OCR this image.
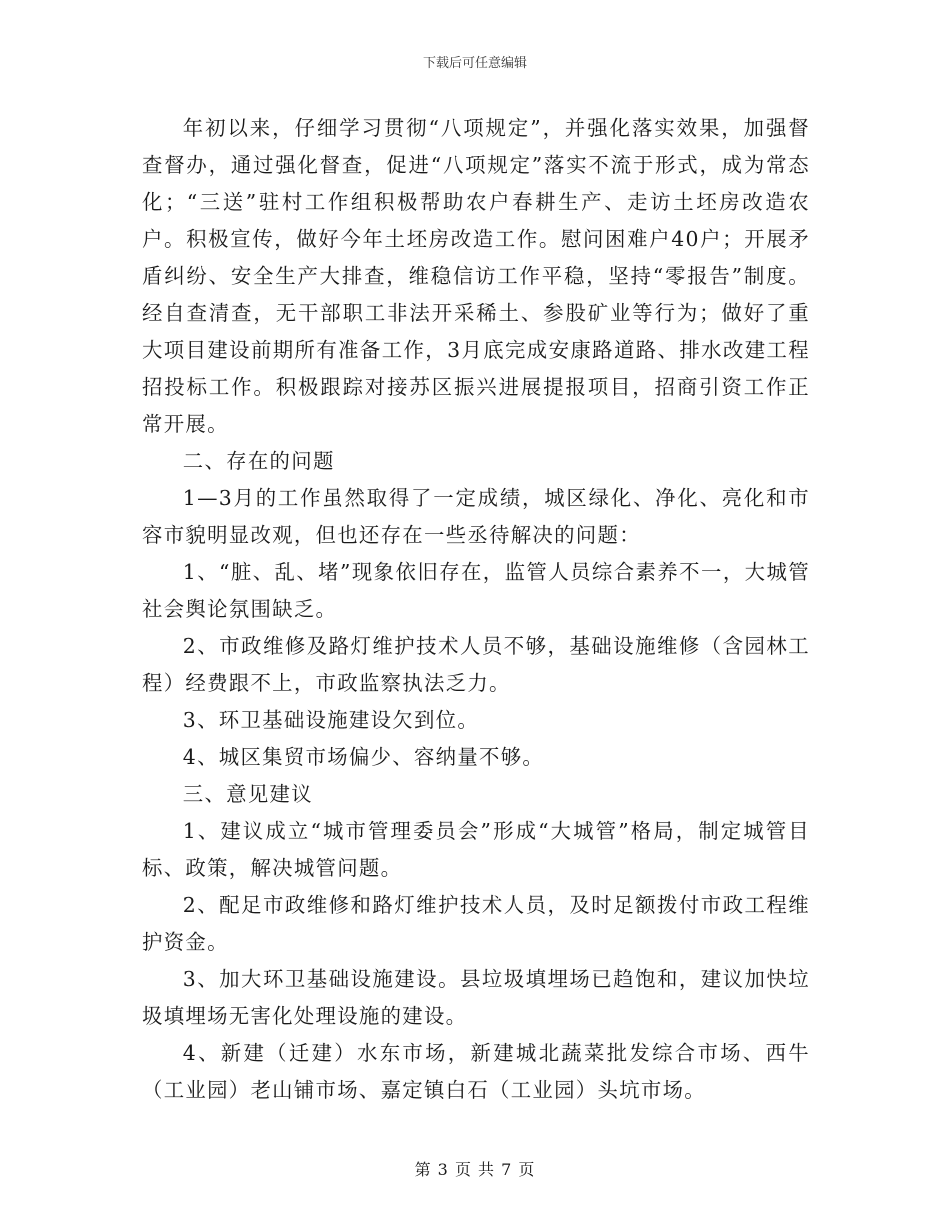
下载后可任意编辑

年初以来，仔细学习贯彻“八项规定”，并强化落实效果，加强督查督办，通过强化督查，促进“八项规定”落实不流于形式，成为常态化；“三送”驻村工作组积极帮助农户春耕生产、走访土坯房改造农户。积极宣传，做好今年土坯房改造工作。慰问困难户40户；开展矛盾纠纷、安全生产大排查，维稳信访工作平稳，坚持“零报告”制度。经自查清查，无干部职工非法开采稀土、参股矿业等行为；做好了重大项目建设前期所有准备工作，3月底完成安康路道路、排水改建工程招投标工作。积极跟踪对接苏区振兴进展提报项目，招商引资工作正常开展。

二、存在的问题

1—3月的工作虽然取得了一定成绩，城区绿化、净化、亮化和市容市貌明显改观，但也还存在一些丞待解决的问题：

1、“脏、乱、堵”现象依旧存在，监管人员综合素养不一，大城管社会舆论氛围缺乏。

2、市政维修及路灯维护技术人员不够，基础设施维修（含园林工程）经费跟不上，市政监察执法乏力。

3、环卫基础设施建设欠到位。

4、城区集贸市场偏少、容纳量不够。

三、意见建议

1、建议成立“城市管理委员会”形成“大城管”格局，制定城管目标、政策，解决城管问题。

2、配足市政维修和路灯维护技术人员，及时足额拨付市政工程维护资金。

3、加大环卫基础设施建设。县垃圾填埋场已趋饱和，建议加快垃圾填埋场无害化处理设施的建设。

4、新建（迁建）水东市场，新建城北蔬菜批发综合市场、西牛（工业园）老山铺市场、嘉定镇白石（工业园）头坑市场。

第 3 页 共 7 页
